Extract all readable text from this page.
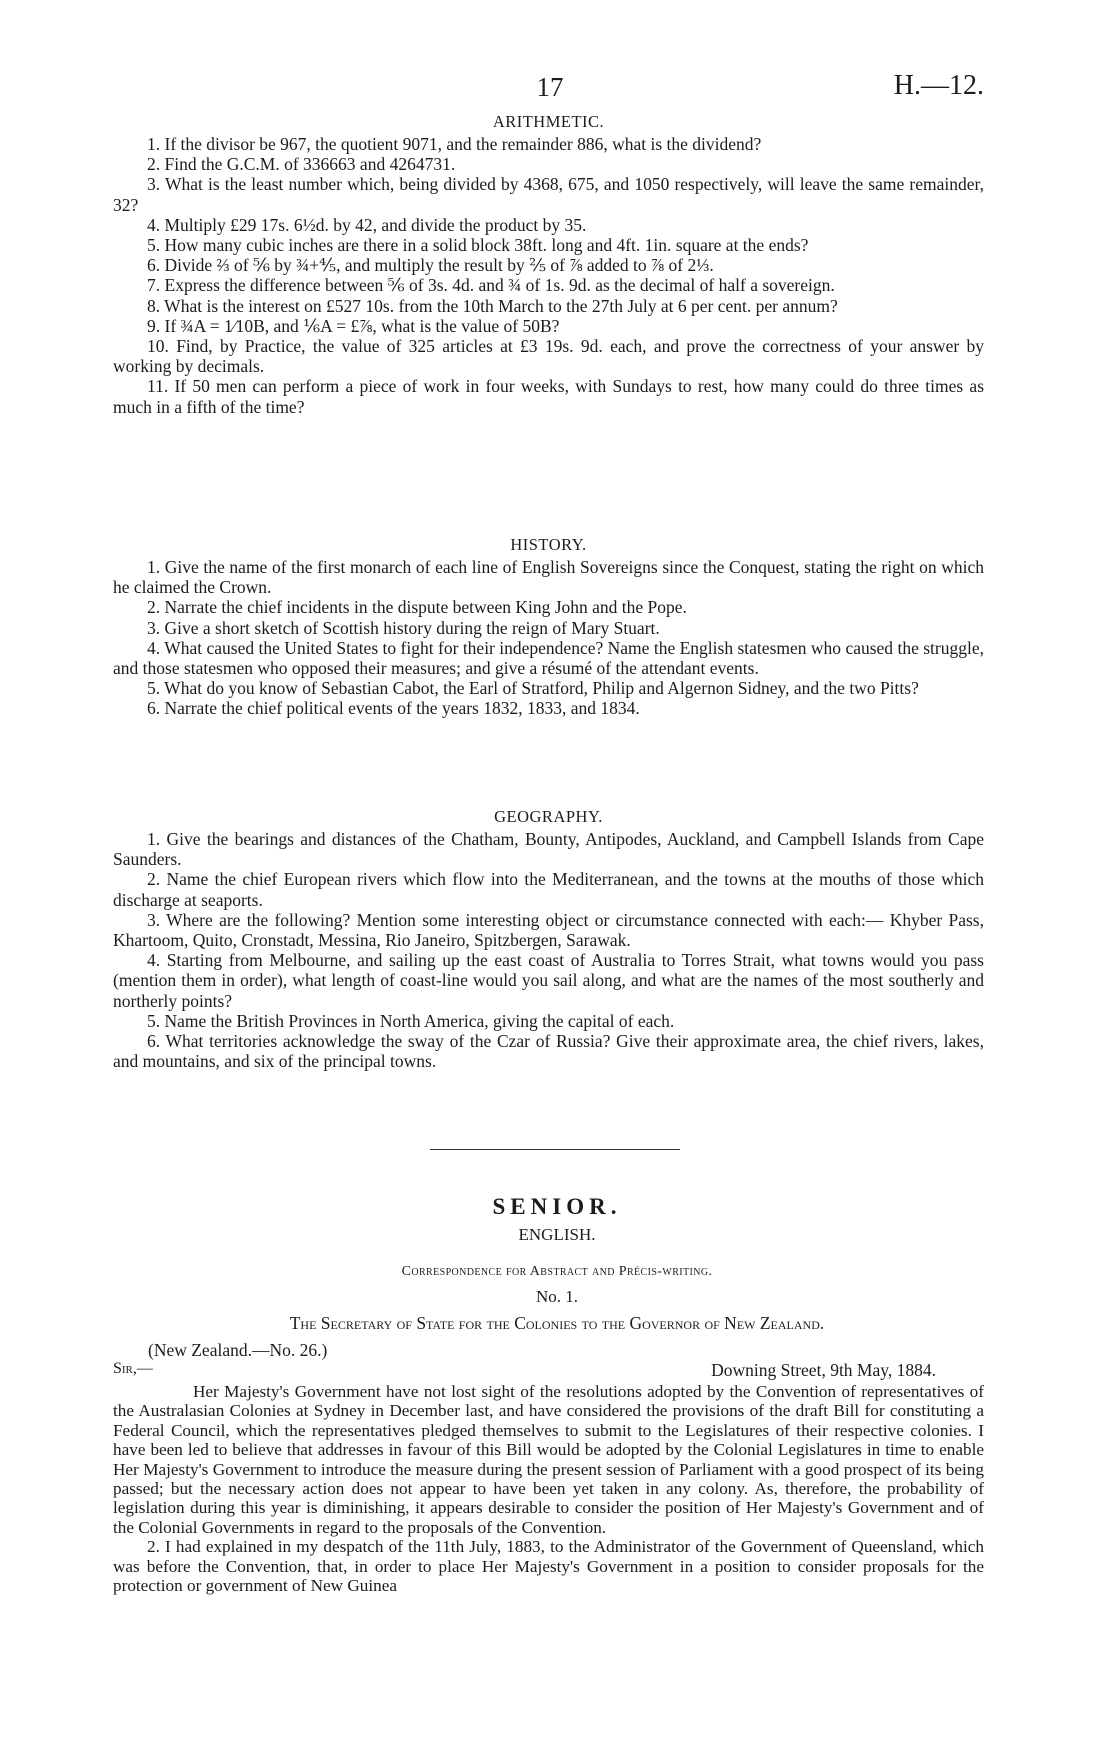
17	H.—12.
ARITHMETIC.

1. If the divisor be 967, the quotient 9071, and the remainder 886, what is the dividend?

2. Find the G.C.M. of 336663 and 4264731.

3. What is the least number which, being divided by 4368, 675, and 1050 respectively, will leave the same remainder, 32?

4. Multiply £29 17s. 6½d. by 42, and divide the product by 35.

5. How many cubic inches are there in a solid block 38ft. long and 4ft. 1in. square at the ends?

6. Divide ⅔ of ⅚ by ¾+⅘, and multiply the result by ⅖ of ⅞ added to ⅞ of 2⅓.

7. Express the difference between ⅚ of 3s. 4d. and ¾ of 1s. 9d. as the decimal of half a sovereign.

8. What is the interest on £527 10s. from the 10th March to the 27th July at 6 per cent. per annum?

9. If ¾A = 1⁄10B, and ⅙A = £⅞, what is the value of 50B?

10. Find, by Practice, the value of 325 articles at £3 19s. 9d. each, and prove the correctness of your answer by working by decimals.

11. If 50 men can perform a piece of work in four weeks, with Sundays to rest, how many could do three times as much in a fifth of the time?

HISTORY.

1. Give the name of the first monarch of each line of English Sovereigns since the Conquest, stating the right on which he claimed the Crown.

2. Narrate the chief incidents in the dispute between King John and the Pope.

3. Give a short sketch of Scottish history during the reign of Mary Stuart.

4. What caused the United States to fight for their independence? Name the English statesmen who caused the struggle, and those statesmen who opposed their measures; and give a résumé of the attendant events.

5. What do you know of Sebastian Cabot, the Earl of Stratford, Philip and Algernon Sidney, and the two Pitts?

6. Narrate the chief political events of the years 1832, 1833, and 1834.

GEOGRAPHY.

1. Give the bearings and distances of the Chatham, Bounty, Antipodes, Auckland, and Campbell Islands from Cape Saunders.

2. Name the chief European rivers which flow into the Mediterranean, and the towns at the mouths of those which discharge at seaports.

3. Where are the following? Mention some interesting object or circumstance connected with each:— Khyber Pass, Khartoom, Quito, Cronstadt, Messina, Rio Janeiro, Spitzbergen, Sarawak.

4. Starting from Melbourne, and sailing up the east coast of Australia to Torres Strait, what towns would you pass (mention them in order), what length of coast-line would you sail along, and what are the names of the most southerly and northerly points?

5. Name the British Provinces in North America, giving the capital of each.

6. What territories acknowledge the sway of the Czar of Russia? Give their approximate area, the chief rivers, lakes, and mountains, and six of the principal towns.

SENIOR.
ENGLISH.
Correspondence for Abstract and Précis-writing.
No. 1.
The Secretary of State for the Colonies to the Governor of New Zealand.
(New Zealand.—No. 26.)
Sir,—	Downing Street, 9th May, 1884.

Her Majesty's Government have not lost sight of the resolutions adopted by the Convention of representatives of the Australasian Colonies at Sydney in December last, and have considered the provisions of the draft Bill for constituting a Federal Council, which the representatives pledged themselves to submit to the Legislatures of their respective colonies. I have been led to believe that addresses in favour of this Bill would be adopted by the Colonial Legislatures in time to enable Her Majesty's Government to introduce the measure during the present session of Parliament with a good prospect of its being passed; but the necessary action does not appear to have been yet taken in any colony. As, therefore, the probability of legislation during this year is diminishing, it appears desirable to consider the position of Her Majesty's Government and of the Colonial Governments in regard to the proposals of the Convention.

2. I had explained in my despatch of the 11th July, 1883, to the Administrator of the Government of Queensland, which was before the Convention, that, in order to place Her Majesty's Government in a position to consider proposals for the protection or government of New Guinea
